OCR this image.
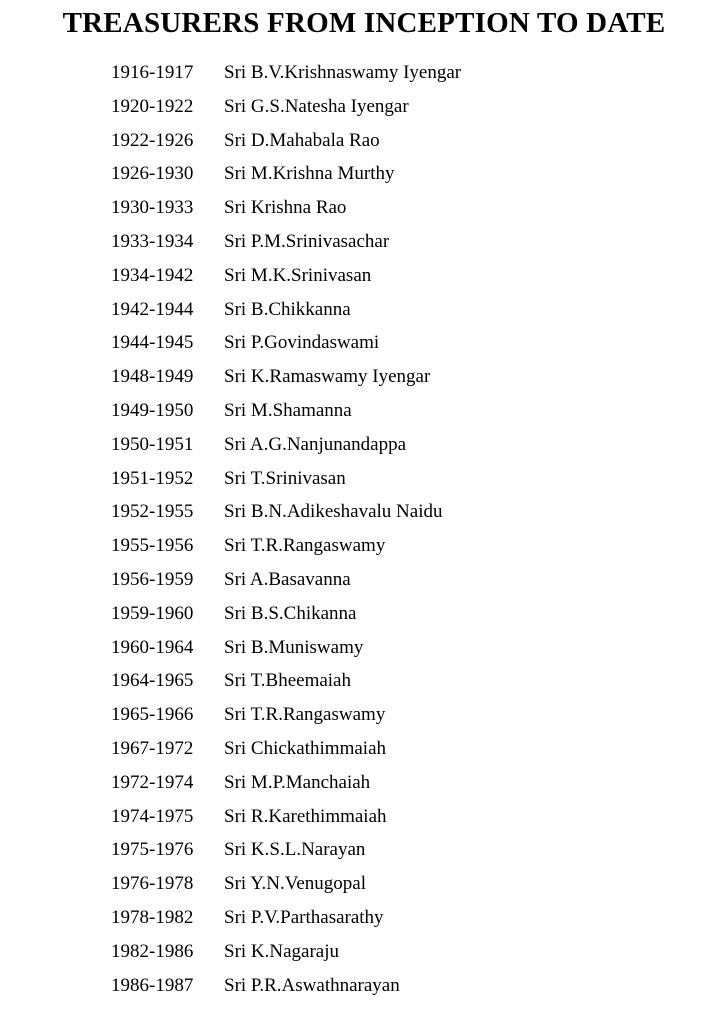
TREASURERS FROM INCEPTION TO DATE
1916-1917 Sri B.V.Krishnaswamy Iyengar
1920-1922 Sri G.S.Natesha Iyengar
1922-1926 Sri D.Mahabala Rao
1926-1930 Sri M.Krishna Murthy
1930-1933 Sri Krishna Rao
1933-1934 Sri P.M.Srinivasachar
1934-1942 Sri M.K.Srinivasan
1942-1944 Sri B.Chikkanna
1944-1945 Sri P.Govindaswami
1948-1949 Sri K.Ramaswamy Iyengar
1949-1950 Sri M.Shamanna
1950-1951 Sri A.G.Nanjunandappa
1951-1952 Sri T.Srinivasan
1952-1955 Sri B.N.Adikeshavalu Naidu
1955-1956 Sri T.R.Rangaswamy
1956-1959 Sri A.Basavanna
1959-1960 Sri B.S.Chikanna
1960-1964 Sri B.Muniswamy
1964-1965 Sri T.Bheemaiah
1965-1966 Sri T.R.Rangaswamy
1967-1972 Sri Chickathimmaiah
1972-1974 Sri M.P.Manchaiah
1974-1975 Sri R.Karethimmaiah
1975-1976 Sri K.S.L.Narayan
1976-1978 Sri Y.N.Venugopal
1978-1982 Sri P.V.Parthasarathy
1982-1986 Sri K.Nagaraju
1986-1987 Sri P.R.Aswathnarayan
